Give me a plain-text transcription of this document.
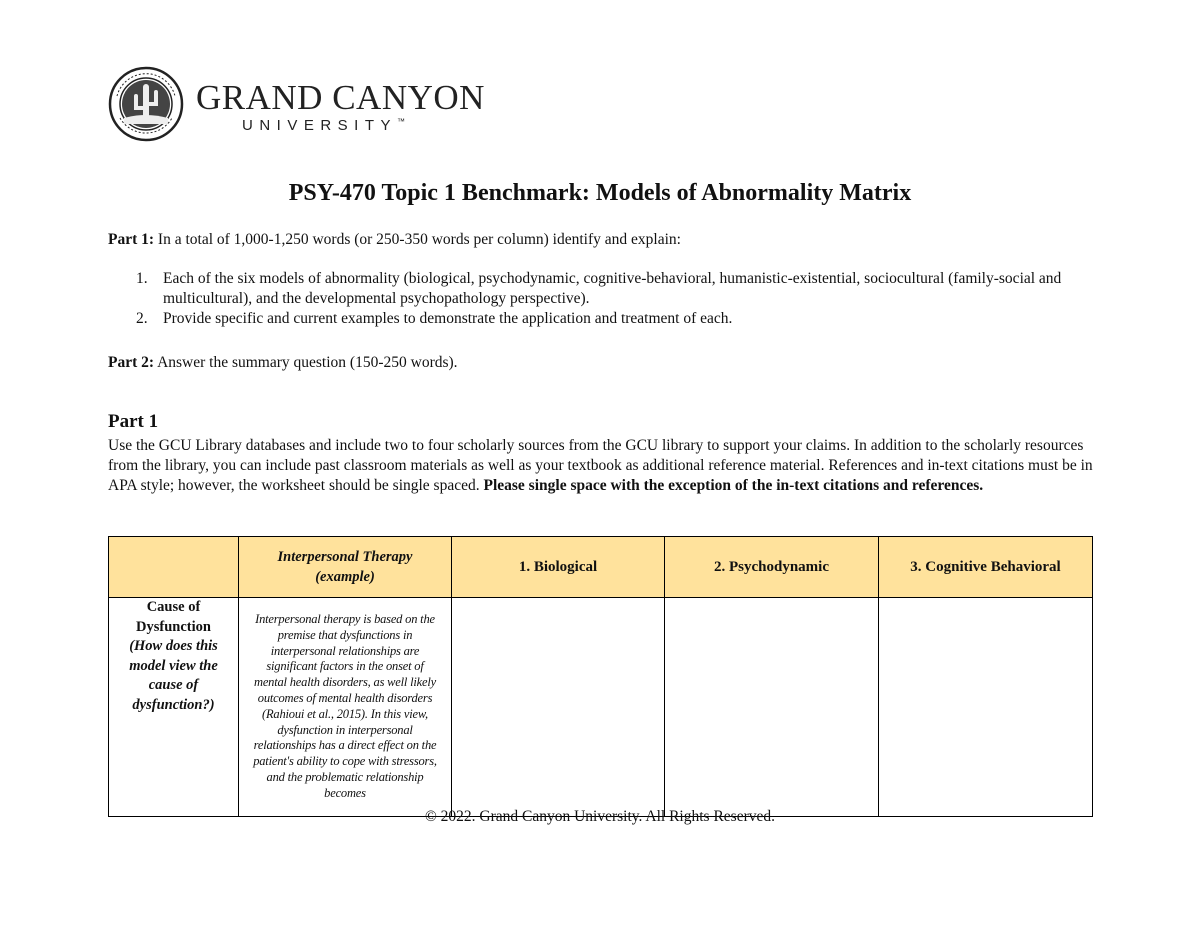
GRAND CANYON
UNIVERSITY™
PSY-470 Topic 1 Benchmark: Models of Abnormality Matrix
Part 1: In a total of 1,000-1,250 words (or 250-350 words per column) identify and explain:
1. Each of the six models of abnormality (biological, psychodynamic, cognitive-behavioral, humanistic-existential, sociocultural (family-social and multicultural), and the developmental psychopathology perspective).
2. Provide specific and current examples to demonstrate the application and treatment of each.
Part 2: Answer the summary question (150-250 words).
Part 1
Use the GCU Library databases and include two to four scholarly sources from the GCU library to support your claims. In addition to the scholarly resources from the library, you can include past classroom materials as well as your textbook as additional reference material. References and in-text citations must be in APA style; however, the worksheet should be single spaced. Please single space with the exception of the in-text citations and references.
	Interpersonal Therapy (example)	1. Biological	2. Psychodynamic	3. Cognitive Behavioral

Cause of Dysfunction
(How does this model view the cause of dysfunction?)	Interpersonal therapy is based on the premise that dysfunctions in interpersonal relationships are significant factors in the onset of mental health disorders, as well likely outcomes of mental health disorders (Rahioui et al., 2015). In this view, dysfunction in interpersonal relationships has a direct effect on the patient's ability to cope with stressors, and the problematic relationship becomes			

© 2022. Grand Canyon University. All Rights Reserved.
